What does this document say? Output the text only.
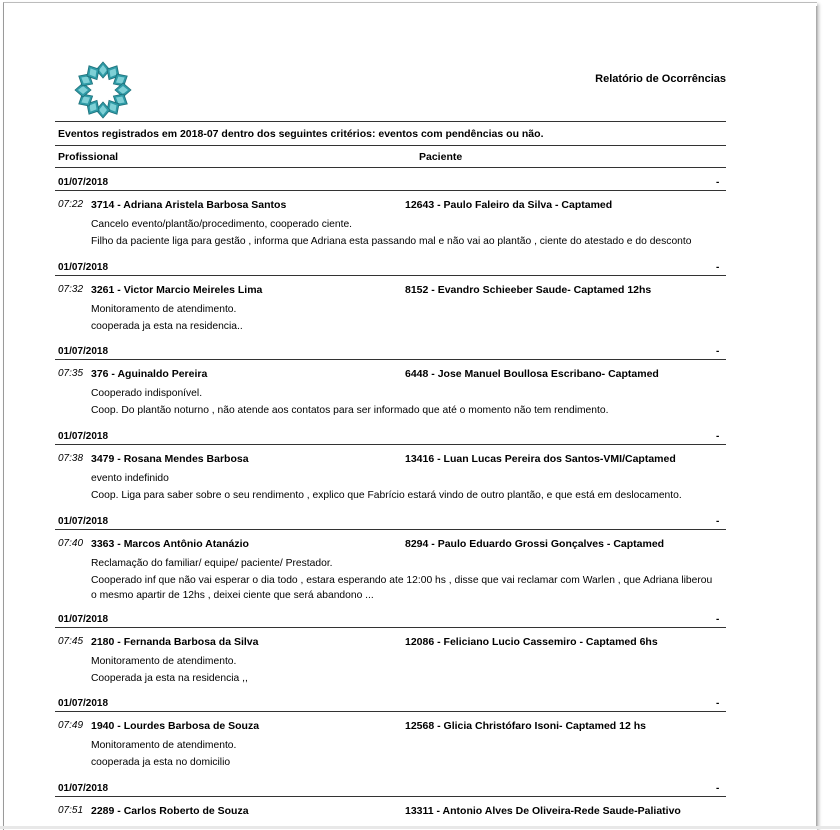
Relatório de Ocorrências
Eventos registrados em 2018-07 dentro dos seguintes critérios: eventos com pendências ou não.
Profissional	Paciente
01/07/2018	-
07:22 3714 - Adriana Aristela Barbosa Santos	12643 - Paulo Faleiro da Silva - Captamed
Cancelo evento/plantão/procedimento, cooperado ciente.
Filho da paciente liga para gestão , informa que Adriana esta passando mal e não vai ao plantão , ciente do atestado e do desconto
01/07/2018	-
07:32 3261 - Victor Marcio Meireles Lima	8152 - Evandro Schieeber Saude- Captamed 12hs
Monitoramento de atendimento.
cooperada ja esta na residencia..
01/07/2018	-
07:35 376 - Aguinaldo Pereira	6448 - Jose Manuel Boullosa Escribano- Captamed
Cooperado indisponível.
Coop. Do plantão noturno , não atende aos contatos para ser informado que até o momento não tem rendimento.
01/07/2018	-
07:38 3479 - Rosana Mendes Barbosa	13416 - Luan Lucas Pereira dos Santos-VMI/Captamed
evento indefinido
Coop. Liga para saber sobre o seu rendimento , explico que Fabrício estará vindo de outro plantão, e que está em deslocamento.
01/07/2018	-
07:40 3363 - Marcos Antônio Atanázio	8294 - Paulo Eduardo Grossi Gonçalves - Captamed
Reclamação do familiar/ equipe/ paciente/ Prestador.
Cooperado inf que não vai esperar o dia todo , estara esperando ate 12:00 hs , disse que vai reclamar com Warlen , que Adriana liberou o mesmo apartir de 12hs , deixei ciente que será abandono ...
01/07/2018	-
07:45 2180 - Fernanda Barbosa da Silva	12086 - Feliciano Lucio Cassemiro - Captamed 6hs
Monitoramento de atendimento.
Cooperada ja esta na residencia ,,
01/07/2018	-
07:49 1940 - Lourdes Barbosa de Souza	12568 - Glicia Christófaro Isoni- Captamed 12 hs
Monitoramento de atendimento.
cooperada ja esta no domicilio
01/07/2018	-
07:51 2289 - Carlos Roberto de Souza	13311 - Antonio Alves De Oliveira-Rede Saude-Paliativo
